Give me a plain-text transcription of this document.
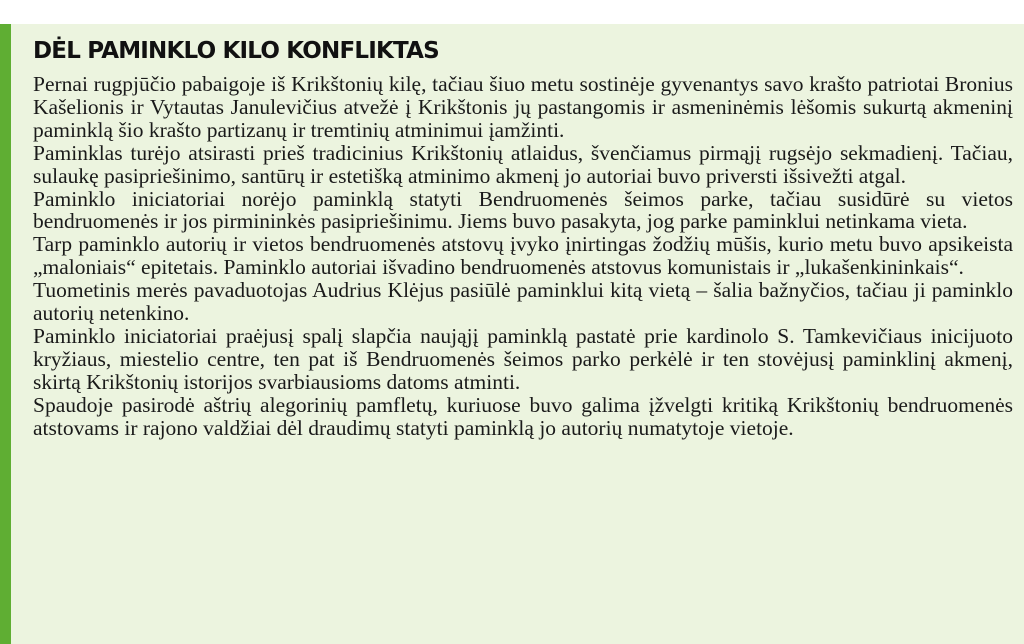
DĖL PAMINKLO KILO KONFLIKTAS

Pernai rugpjūčio pabaigoje iš Krikštonių kilę, tačiau šiuo metu sostinėje gyvenantys savo krašto patriotai Bronius Kašelionis ir Vytautas Janulevičius atvežė į Krikštonis jų pastangomis ir asmeninėmis lėšomis sukurtą akmeninį paminklą šio krašto partizanų ir tremtinių atminimui įamžinti.

Paminklas turėjo atsirasti prieš tradicinius Krikštonių atlaidus, švenčiamus pirmąjį rugsėjo sekmadienį. Tačiau, sulaukę pasipriešinimo, santūrų ir estetišką atminimo akmenį jo autoriai buvo priversti išsivežti atgal.

Paminklo iniciatoriai norėjo paminklą statyti Bendruomenės šeimos parke, tačiau susidūrė su vietos bendruomenės ir jos pirmininkės pasipriešinimu. Jiems buvo pasakyta, jog parke paminklui netinkama vieta.

Tarp paminklo autorių ir vietos bendruomenės atstovų įvyko įnirtingas žodžių mūšis, kurio metu buvo apsikeista „maloniais“ epitetais. Paminklo autoriai išvadino bendruomenės atstovus komunistais ir „lukašenkininkais“.

Tuometinis merės pavaduotojas Audrius Klėjus pasiūlė paminklui kitą vietą – šalia bažnyčios, tačiau ji paminklo autorių netenkino.

Paminklo iniciatoriai praėjusį spalį slapčia naująjį paminklą pastatė prie kardinolo S. Tamkevičiaus inicijuoto kryžiaus, miestelio centre, ten pat iš Bendruomenės šeimos parko perkėlė ir ten stovėjusį paminklinį akmenį, skirtą Krikštonių istorijos svarbiausioms datoms atminti.

Spaudoje pasirodė aštrių alegorinių pamfletų, kuriuose buvo galima įžvelgti kritiką Krikštonių bendruomenės atstovams ir rajono valdžiai dėl draudimų statyti paminklą jo autorių numatytoje vietoje.
